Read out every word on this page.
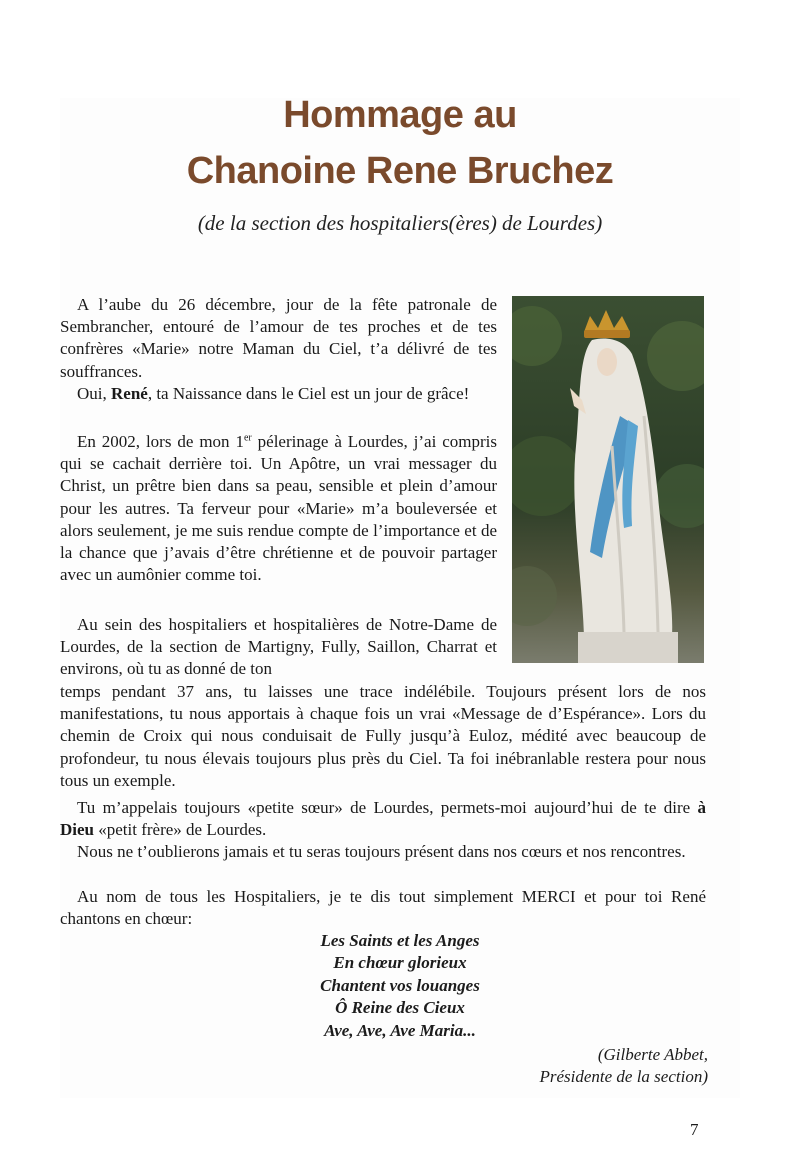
Hommage au
Chanoine Rene Bruchez

(de la section des hospitaliers(ères) de Lourdes)

A l’aube du 26 décembre, jour de la fête patronale de Sembrancher, entouré de l’amour de tes proches et de tes confrères «Marie» notre Maman du Ciel, t’a délivré de tes souffrances.

Oui, René, ta Naissance dans le Ciel est un jour de grâce!

En 2002, lors de mon 1er pélerinage à Lourdes, j’ai compris qui se cachait derrière toi. Un Apôtre, un vrai messager du Christ, un prêtre bien dans sa peau, sensible et plein d’amour pour les autres. Ta ferveur pour «Marie» m’a bouleversée et alors seulement, je me suis rendue compte de l’importance et de la chance que j’avais d’être chrétienne et de pouvoir partager avec un aumônier comme toi.

Au sein des hospitaliers et hospitalières de Notre-Dame de Lourdes, de la section de Martigny, Fully, Saillon, Charrat et environs, où tu as donné de ton

temps pendant 37 ans, tu laisses une trace indélébile. Toujours présent lors de nos manifestations, tu nous apportais à chaque fois un vrai «Message de d’Espérance». Lors du chemin de Croix qui nous conduisait de Fully jusqu’à Euloz, médité avec beaucoup de profondeur, tu nous élevais toujours plus près du Ciel. Ta foi inébranlable restera pour nous tous un exemple.

Tu m’appelais toujours «petite sœur» de Lourdes, permets-moi aujourd’hui de te dire à Dieu «petit frère» de Lourdes.

Nous ne t’oublierons jamais et tu seras toujours présent dans nos cœurs et nos rencontres.

Au nom de tous les Hospitaliers, je te dis tout simplement MERCI et pour toi René chantons en chœur:

Les Saints et les Anges
En chœur glorieux
Chantent vos louanges
Ô Reine des Cieux
Ave, Ave, Ave Maria...
(Gilberte Abbet,
Présidente de la section)

7
